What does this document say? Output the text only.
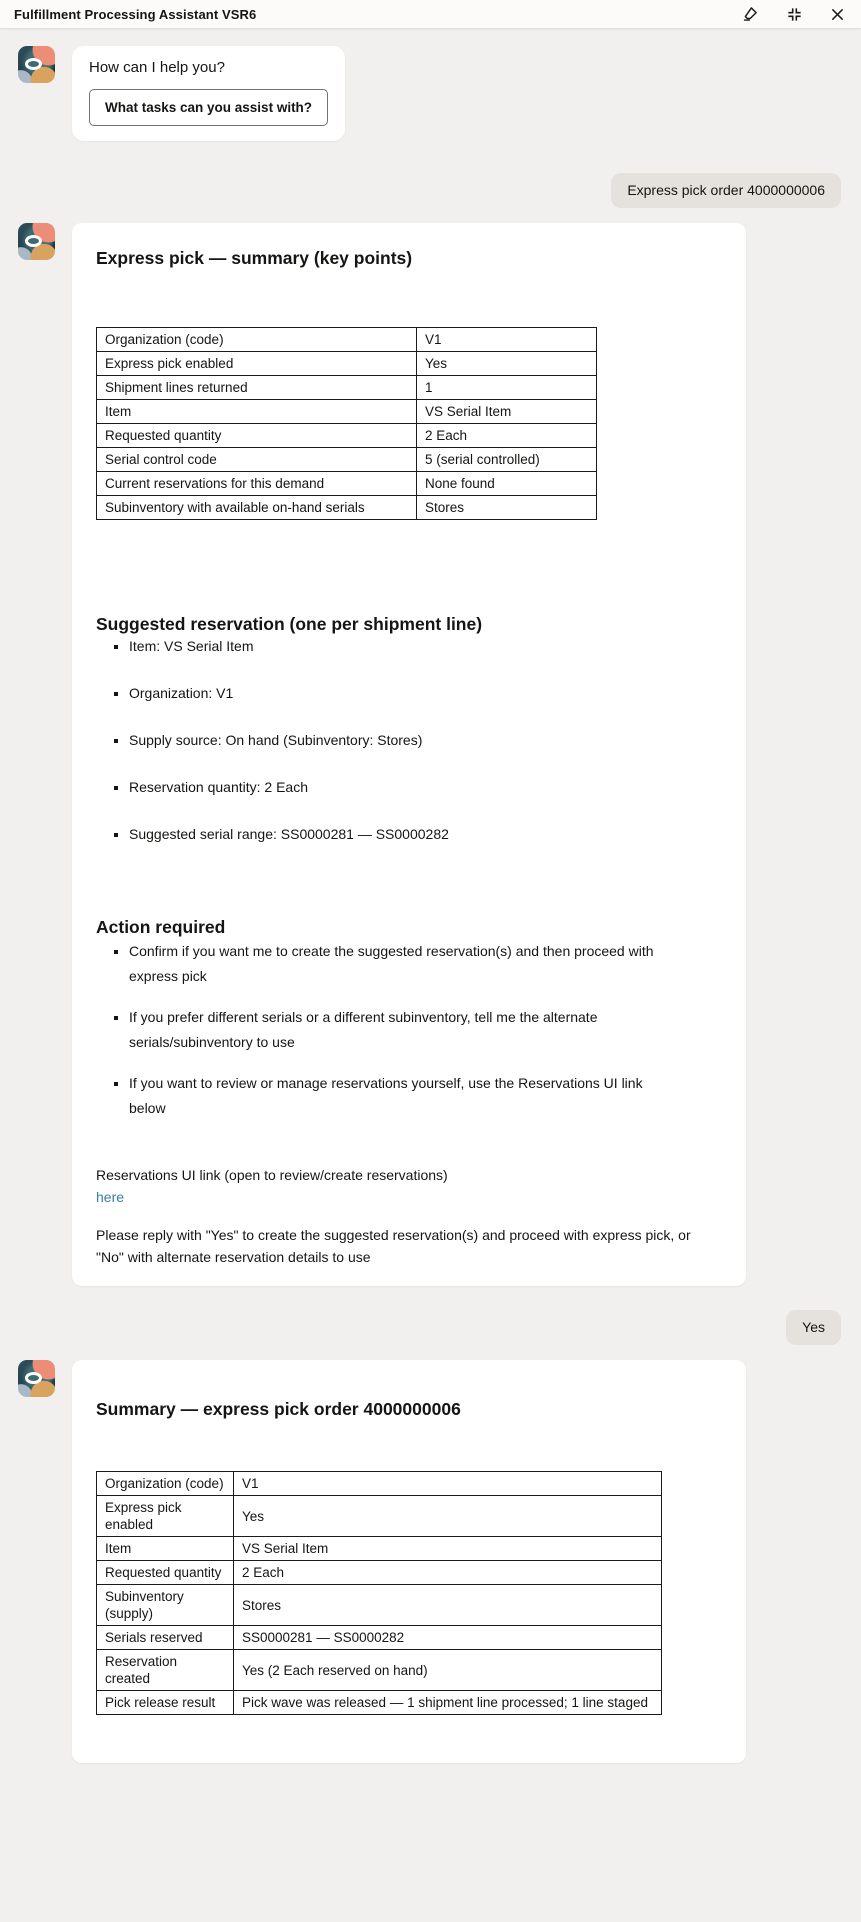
Fulfillment Processing Assistant VSR6
How can I help you?
What tasks can you assist with?
Express pick order 4000000006
Express pick — summary (key points)
Organization (code)	V1
Express pick enabled	Yes
Shipment lines returned	1
Item	VS Serial Item
Requested quantity	2 Each
Serial control code	5 (serial controlled)
Current reservations for this demand	None found
Subinventory with available on-hand serials	Stores
Suggested reservation (one per shipment line)
▪ Item: VS Serial Item
▪ Organization: V1
▪ Supply source: On hand (Subinventory: Stores)
▪ Reservation quantity: 2 Each
▪ Suggested serial range: SS0000281 — SS0000282
Action required
▪ Confirm if you want me to create the suggested reservation(s) and then proceed with express pick
▪ If you prefer different serials or a different subinventory, tell me the alternate serials/subinventory to use
▪ If you want to review or manage reservations yourself, use the Reservations UI link below
Reservations UI link (open to review/create reservations)
here
Please reply with "Yes" to create the suggested reservation(s) and proceed with express pick, or "No" with alternate reservation details to use
Yes
Summary — express pick order 4000000006
Organization (code)	V1
Express pick enabled	Yes
Item	VS Serial Item
Requested quantity	2 Each
Subinventory (supply)	Stores
Serials reserved	SS0000281 — SS0000282
Reservation created	Yes (2 Each reserved on hand)
Pick release result	Pick wave was released — 1 shipment line processed; 1 line staged
